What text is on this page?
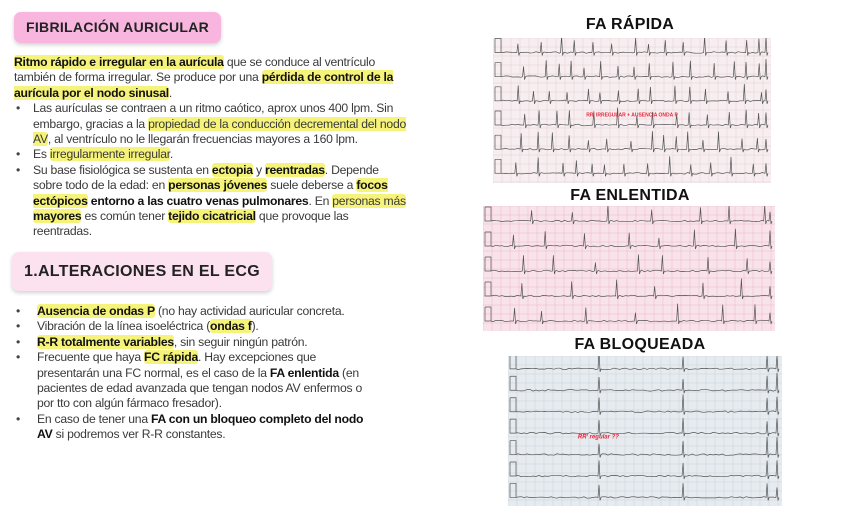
FIBRILACIÓN AURICULAR
Ritmo rápido e irregular en la aurícula que se conduce al ventrículo también de forma irregular. Se produce por una pérdida de control de la aurícula por el nodo sinusal.
• Las aurículas se contraen a un ritmo caótico, aprox unos 400 lpm. Sin embargo, gracias a la propiedad de la conducción decremental del nodo AV, al ventrículo no le llegarán frecuencias mayores a 160 lpm.
• Es irregularmente irregular.
• Su base fisiológica se sustenta en ectopia y reentradas. Depende sobre todo de la edad: en personas jóvenes suele deberse a focos ectópicos entorno a las cuatro venas pulmonares. En personas más mayores es común tener tejido cicatricial que provoque las reentradas.
1.ALTERACIONES EN EL ECG
• Ausencia de ondas P (no hay actividad auricular concreta.
• Vibración de la línea isoeléctrica (ondas f).
• R-R totalmente variables, sin seguir ningún patrón.
• Frecuente que haya FC rápida. Hay excepciones que presentarán una FC normal, es el caso de la FA enlentida (en pacientes de edad avanzada que tengan nodos AV enfermos o por tto con algún fármaco fresador).
• En caso de tener una FA con un bloqueo completo del nodo AV si podremos ver R-R constantes.
FA RÁPIDA
RR' IRREGULAR + AUSENCIA ONDA P
FA ENLENTIDA
FA BLOQUEADA
RR' regular ??
